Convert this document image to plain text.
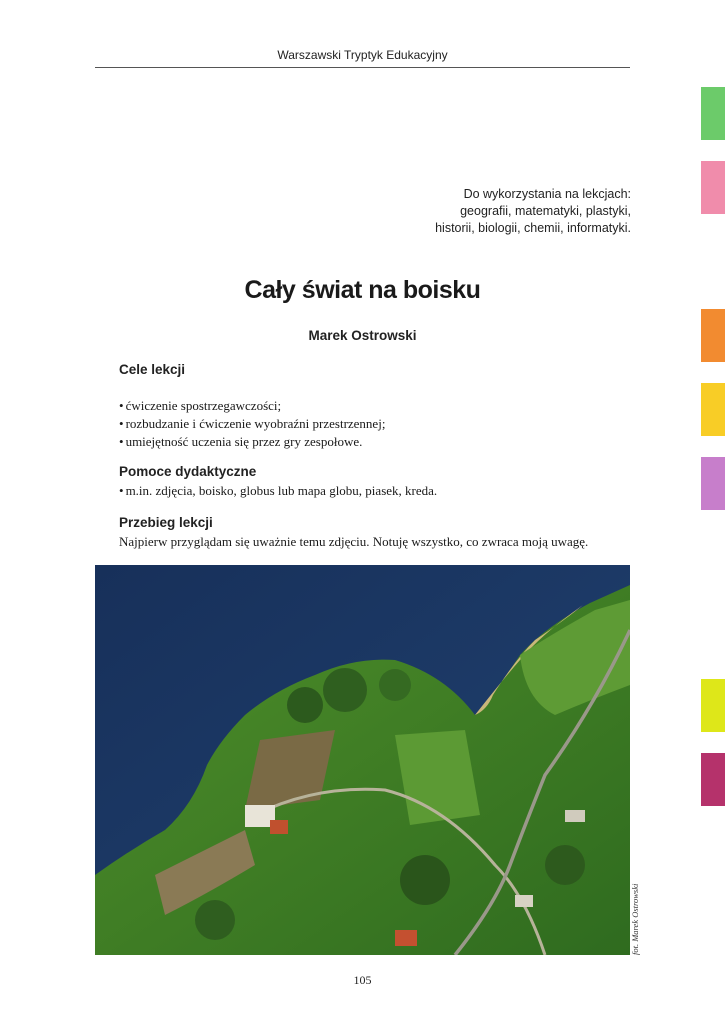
Warszawski Tryptyk Edukacyjny
Do wykorzystania na lekcjach:
geografii, matematyki, plastyki,
historii, biologii, chemii, informatyki.
Cały świat na boisku
Marek Ostrowski
Cele lekcji
• ćwiczenie spostrzegawczości;
• rozbudzanie i ćwiczenie wyobraźni przestrzennej;
• umiejętność uczenia się przez gry zespołowe.
Pomoce dydaktyczne
• m.in. zdjęcia, boisko, globus lub mapa globu, piasek, kreda.
Przebieg lekcji

Najpierw przyglądam się uważnie temu zdjęciu. Notuję wszystko, co zwraca moją uwagę.

fot. Marek Ostrowski
105
